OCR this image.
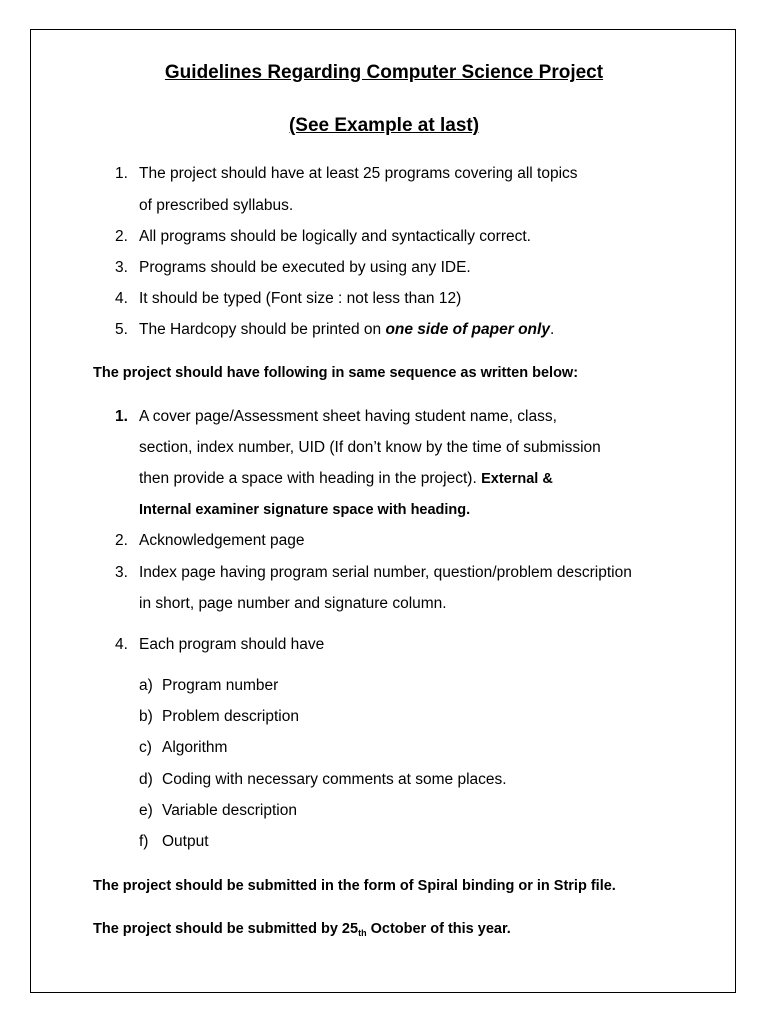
Guidelines Regarding Computer Science Project
(See Example at last)
1. The project should have at least 25 programs covering all topics
of prescribed syllabus.
2. All programs should be logically and syntactically correct.
3. Programs should be executed by using any IDE.
4. It should be typed (Font size : not less than 12)
5. The Hardcopy should be printed on one side of paper only.
The project should have following in same sequence as written below:
1. A cover page/Assessment sheet having student name, class,
section, index number, UID (If don’t know by the time of submission
then provide a space with heading in the project). External &
Internal examiner signature space with heading.
2. Acknowledgement page
3. Index page having program serial number, question/problem description
in short, page number and signature column.
4. Each program should have
a) Program number
b) Problem description
c) Algorithm
d) Coding with necessary comments at some places.
e) Variable description
f) Output
The project should be submitted in the form of Spiral binding or in Strip file.
The project should be submitted by $25_{th}$ October of this year.
